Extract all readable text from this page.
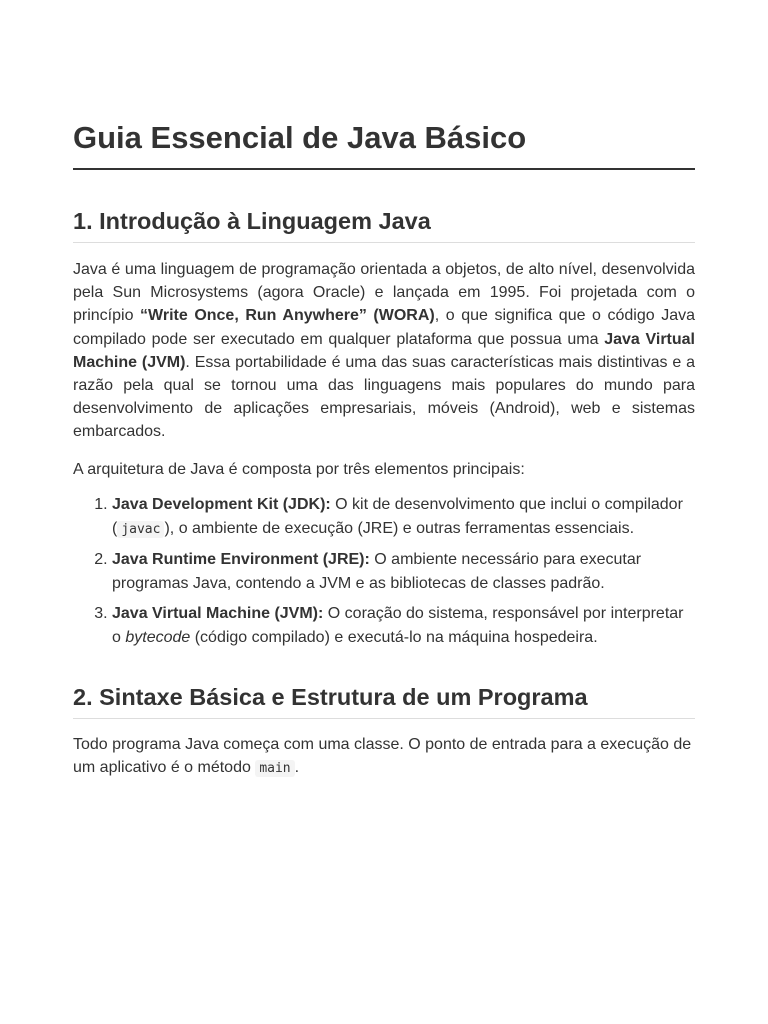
Guia Essencial de Java Básico
1. Introdução à Linguagem Java

Java é uma linguagem de programação orientada a objetos, de alto nível, desenvolvida pela Sun Microsystems (agora Oracle) e lançada em 1995. Foi projetada com o princípio “Write Once, Run Anywhere” (WORA), o que significa que o código Java compilado pode ser executado em qualquer plataforma que possua uma Java Virtual Machine (JVM). Essa portabilidade é uma das suas características mais distintivas e a razão pela qual se tornou uma das linguagens mais populares do mundo para desenvolvimento de aplicações empresariais, móveis (Android), web e sistemas embarcados.

A arquitetura de Java é composta por três elementos principais:

1. Java Development Kit (JDK): O kit de desenvolvimento que inclui o compilador ( javac ), o ambiente de execução (JRE) e outras ferramentas essenciais.
2. Java Runtime Environment (JRE): O ambiente necessário para executar programas Java, contendo a JVM e as bibliotecas de classes padrão.
3. Java Virtual Machine (JVM): O coração do sistema, responsável por interpretar o bytecode (código compilado) e executá-lo na máquina hospedeira.
2. Sintaxe Básica e Estrutura de um Programa

Todo programa Java começa com uma classe. O ponto de entrada para a execução de um aplicativo é o método main .
